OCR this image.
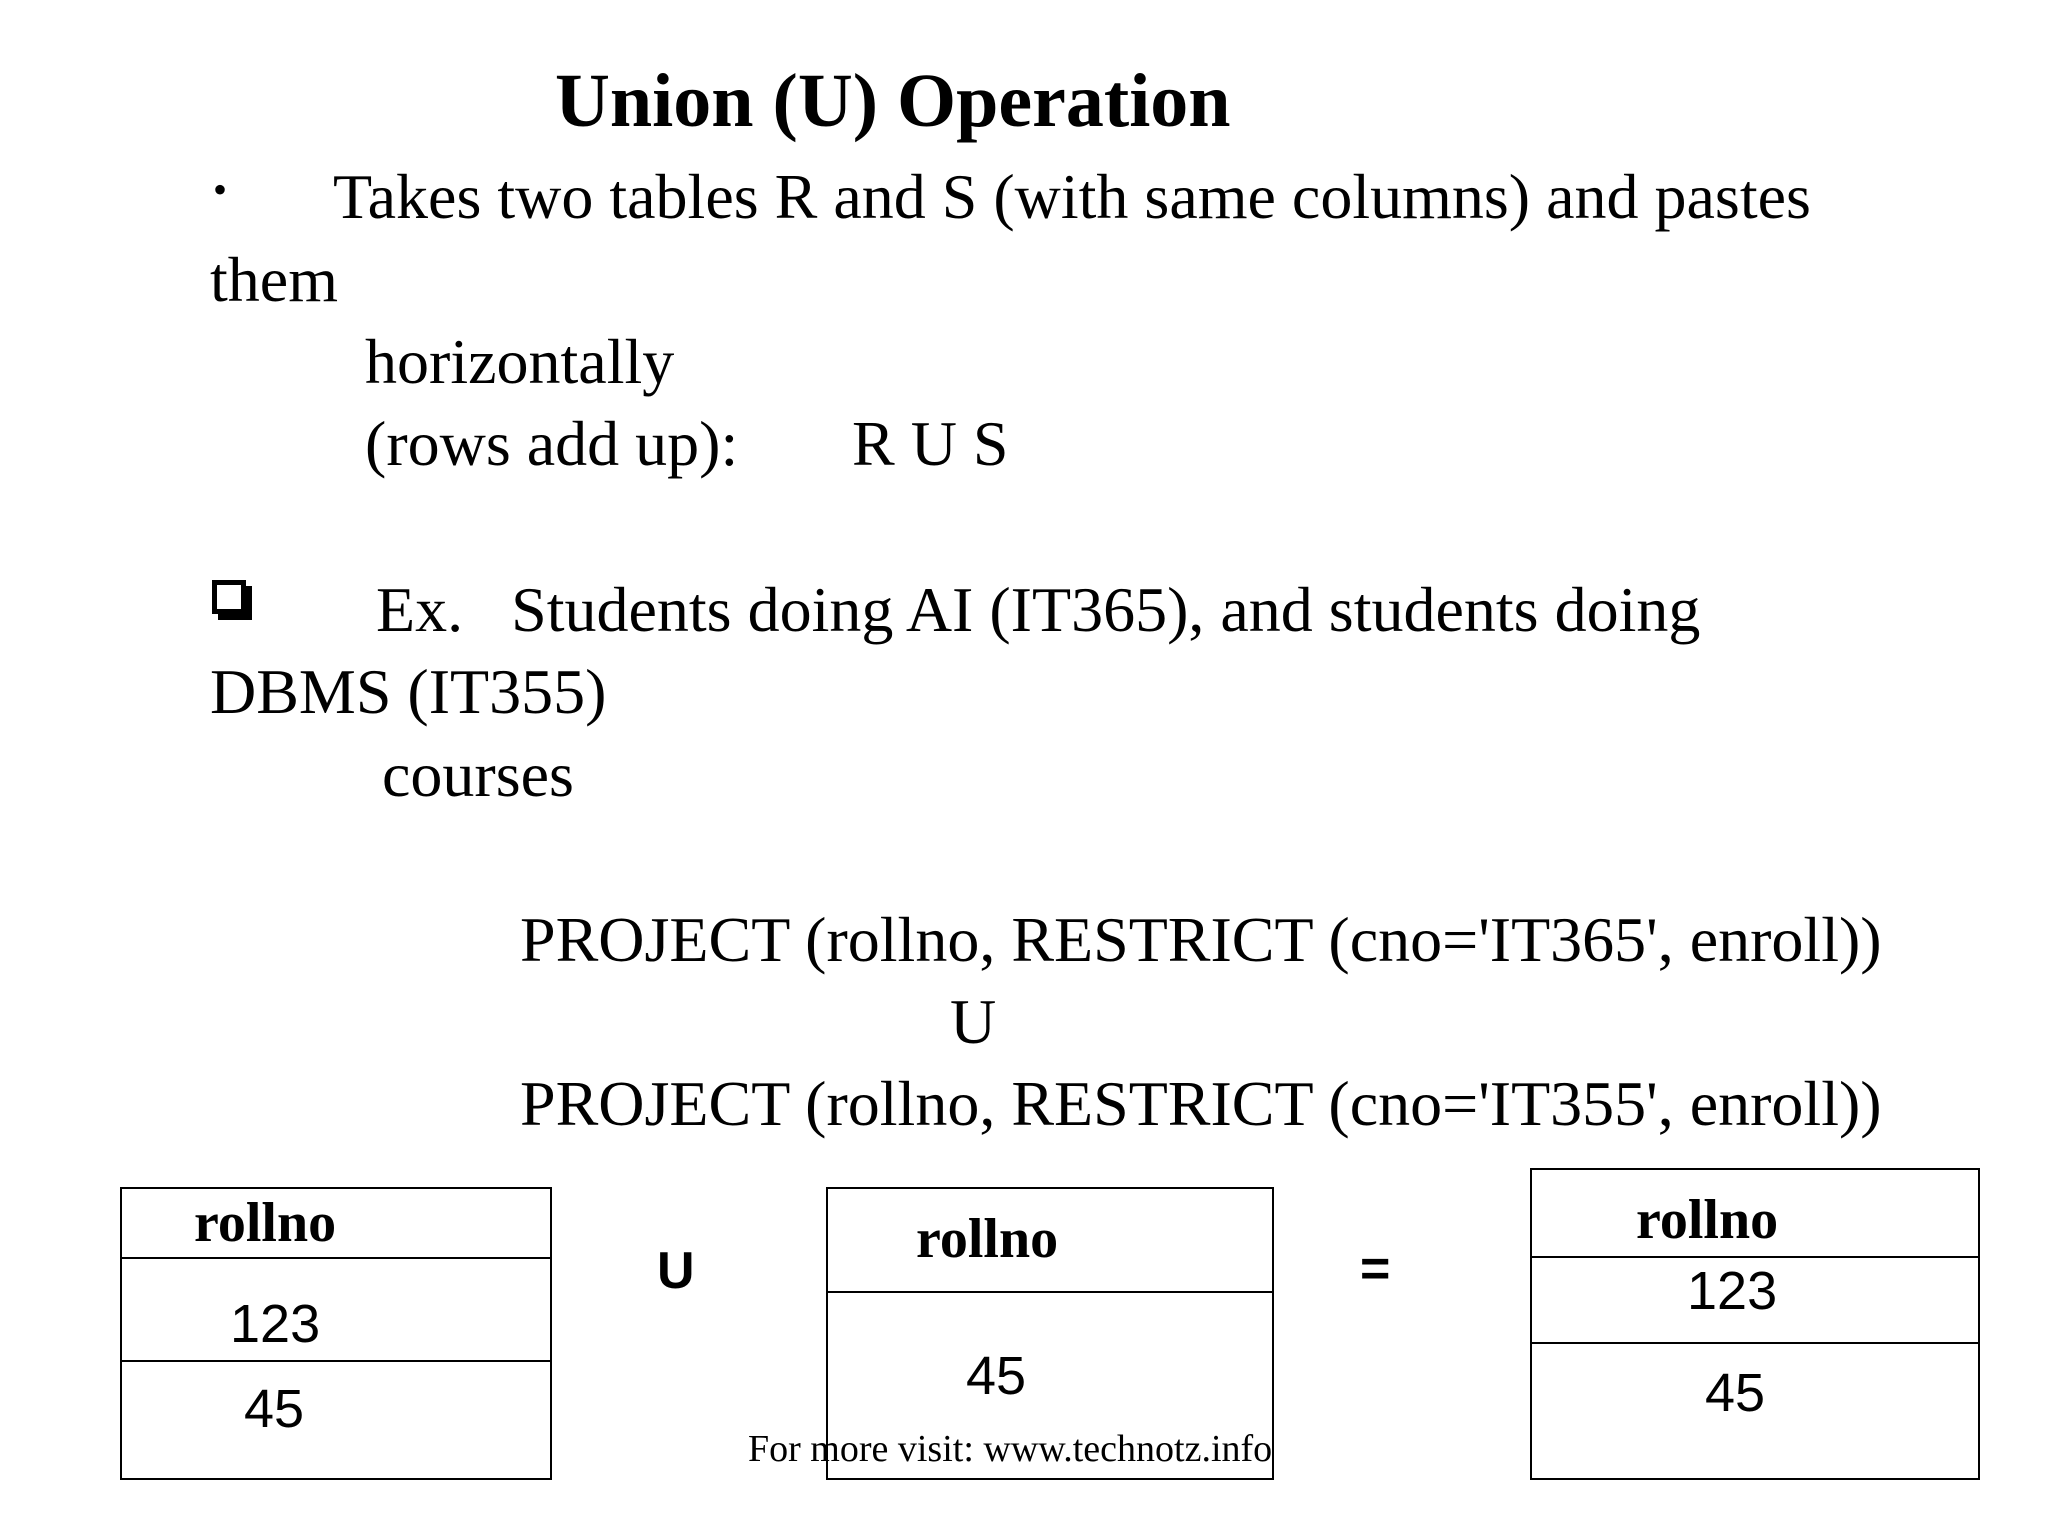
Union (U) Operation
• Takes two tables R and S (with same columns) and pastes
them
horizontally
(rows add up): R U S
Ex.   Students doing AI (IT365), and students doing
DBMS (IT355)
courses
PROJECT (rollno, RESTRICT (cno='IT365', enroll))
U
PROJECT (rollno, RESTRICT (cno='IT355', enroll))
rollno
123
45
U
rollno
45
=
rollno
123
45
For more visit: www.technotz.info
